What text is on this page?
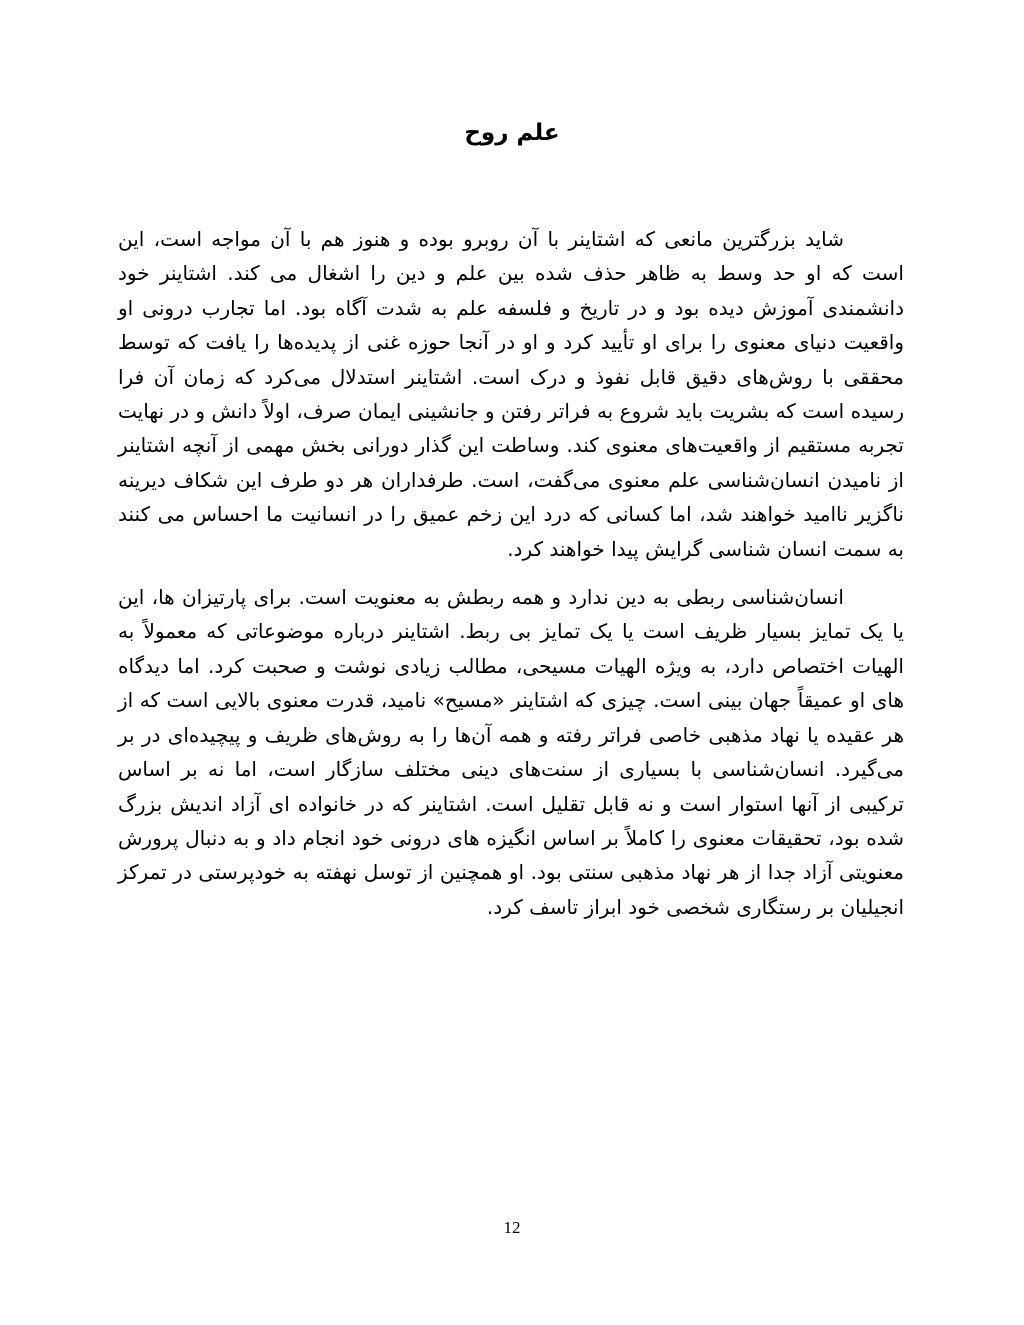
علم روح

شاید بزرگترین مانعی که اشتاینر با آن روبرو بوده و هنوز هم با آن مواجه است، این است که او حد وسط به ظاهر حذف شده بین علم و دین را اشغال می کند. اشتاینر خود دانشمندی آموزش دیده بود و در تاریخ و فلسفه علم به شدت آگاه بود. اما تجارب درونی او واقعیت دنیای معنوی را برای او تأیید کرد و او در آنجا حوزه غنی از پدیده‌ها را یافت که توسط محققی با روش‌های دقیق قابل نفوذ و درک است. اشتاینر استدلال می‌کرد که زمان آن فرا رسیده است که بشریت باید شروع به فراتر رفتن و جانشینی ایمان صرف، اولاً دانش و در نهایت تجربه مستقیم از واقعیت‌های معنوی کند. وساطت این گذار دورانی بخش مهمی از آنچه اشتاینر از نامیدن انسان‌شناسی علم معنوی می‌گفت، است. طرفداران هر دو طرف این شکاف دیرینه ناگزیر ناامید خواهند شد، اما کسانی که درد این زخم عمیق را در انسانیت ما احساس می کنند به سمت انسان شناسی گرایش پیدا خواهند کرد.

انسان‌شناسی ربطی به دین ندارد و همه ربطش به معنویت است. برای پارتیزان ها، این یا یک تمایز بسیار ظریف است یا یک تمایز بی ربط. اشتاینر درباره موضوعاتی که معمولاً به الهیات اختصاص دارد، به ویژه الهیات مسیحی، مطالب زیادی نوشت و صحبت کرد. اما دیدگاه های او عمیقاً جهان بینی است. چیزی که اشتاینر «مسیح» نامید، قدرت معنوی بالایی است که از هر عقیده یا نهاد مذهبی خاصی فراتر رفته و همه آن‌ها را به روش‌های ظریف و پیچیده‌ای در بر می‌گیرد. انسان‌شناسی با بسیاری از سنت‌های دینی مختلف سازگار است، اما نه بر اساس ترکیبی از آنها استوار است و نه قابل تقلیل است. اشتاینر که در خانواده ای آزاد اندیش بزرگ شده بود، تحقیقات معنوی را کاملاً بر اساس انگیزه های درونی خود انجام داد و به دنبال پرورش معنویتی آزاد جدا از هر نهاد مذهبی سنتی بود. او همچنین از توسل نهفته به خودپرستی در تمرکز انجیلیان بر رستگاری شخصی خود ابراز تاسف کرد.

12
